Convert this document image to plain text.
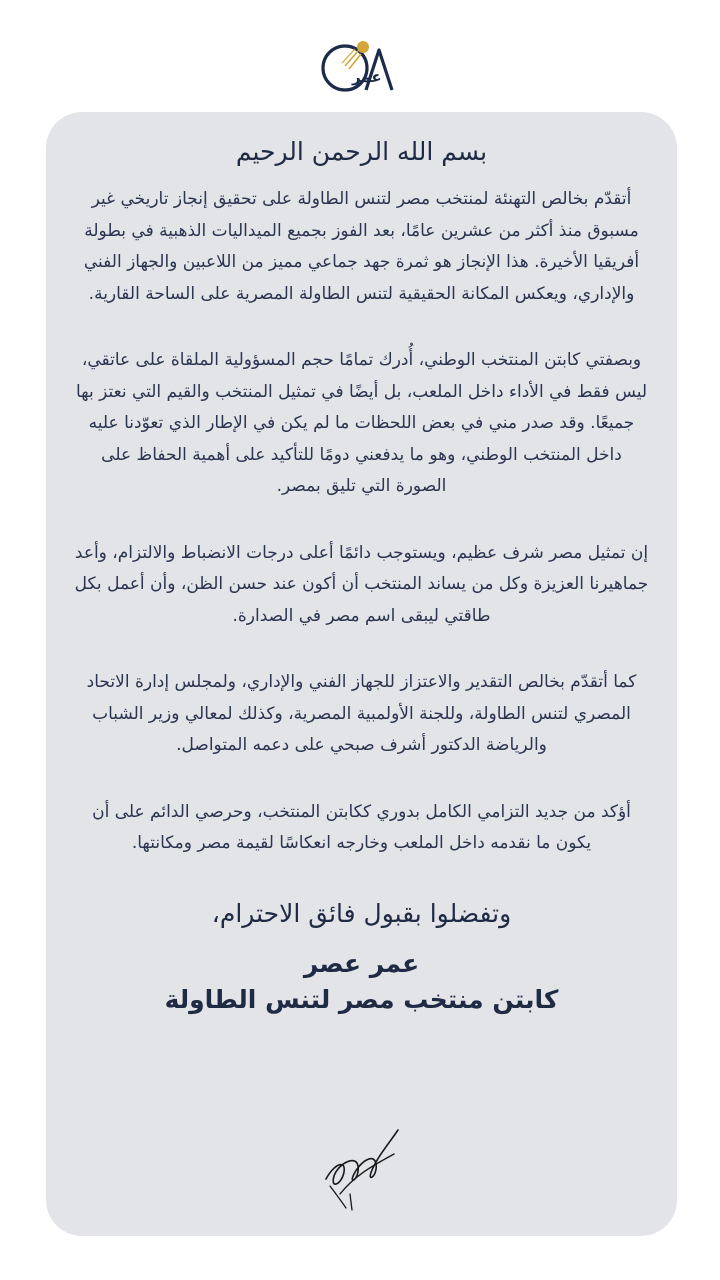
عمر
بسم الله الرحمن الرحيم

أتقدّم بخالص التهنئة لمنتخب مصر لتنس الطاولة على تحقيق إنجاز تاريخي غير مسبوق منذ أكثر من عشرين عامًا، بعد الفوز بجميع الميداليات الذهبية في بطولة أفريقيا الأخيرة. هذا الإنجاز هو ثمرة جهد جماعي مميز من اللاعبين والجهاز الفني والإداري، ويعكس المكانة الحقيقية لتنس الطاولة المصرية على الساحة القارية.

وبصفتي كابتن المنتخب الوطني، أُدرك تمامًا حجم المسؤولية الملقاة على عاتقي، ليس فقط في الأداء داخل الملعب، بل أيضًا في تمثيل المنتخب والقيم التي نعتز بها جميعًا. وقد صدر مني في بعض اللحظات ما لم يكن في الإطار الذي تعوّدنا عليه داخل المنتخب الوطني، وهو ما يدفعني دومًا للتأكيد على أهمية الحفاظ على الصورة التي تليق بمصر.

إن تمثيل مصر شرف عظيم، ويستوجب دائمًا أعلى درجات الانضباط والالتزام، وأعد جماهيرنا العزيزة وكل من يساند المنتخب أن أكون عند حسن الظن، وأن أعمل بكل طاقتي ليبقى اسم مصر في الصدارة.

كما أتقدّم بخالص التقدير والاعتزاز للجهاز الفني والإداري، ولمجلس إدارة الاتحاد المصري لتنس الطاولة، وللجنة الأولمبية المصرية، وكذلك لمعالي وزير الشباب والرياضة الدكتور أشرف صبحي على دعمه المتواصل.

أؤكد من جديد التزامي الكامل بدوري ككابتن المنتخب، وحرصي الدائم على أن يكون ما نقدمه داخل الملعب وخارجه انعكاسًا لقيمة مصر ومكانتها.

وتفضلوا بقبول فائق الاحترام،
عمر عصر
كابتن منتخب مصر لتنس الطاولة
